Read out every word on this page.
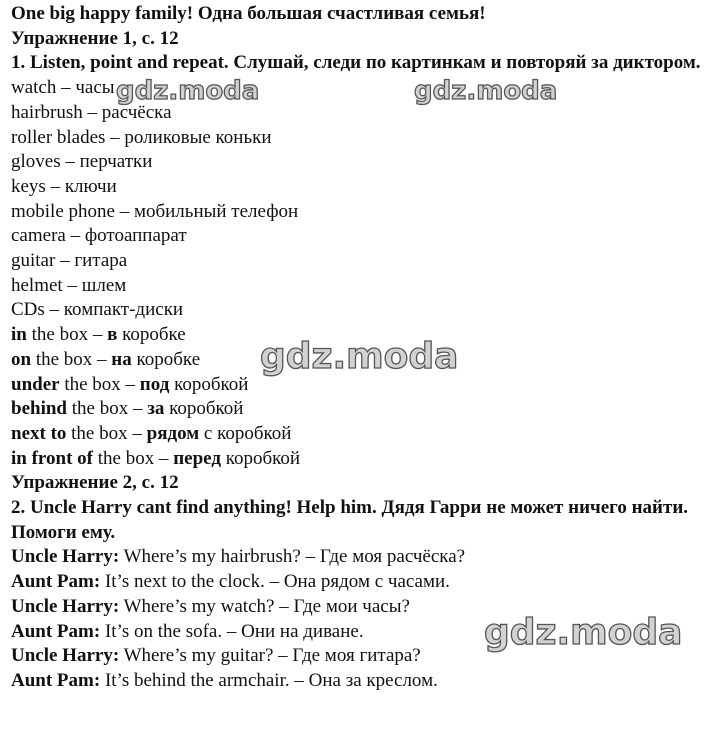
One big happy family! Одна большая счастливая семья!
Упражнение 1, с. 12
1. Listen, point and repeat. Слушай, следи по картинкам и повторяй за диктором.
watch – часы
hairbrush – расчёска
roller blades – роликовые коньки
gloves – перчатки
keys – ключи
mobile phone – мобильный телефон
camera – фотоаппарат
guitar – гитара
helmet – шлем
CDs – компакт-диски
in the box – в коробке
on the box – на коробке
under the box – под коробкой
behind the box – за коробкой
next to the box – рядом с коробкой
in front of the box – перед коробкой
Упражнение 2, с. 12
2. Uncle Harry cant find anything! Help him. Дядя Гарри не может ничего найти. Помоги ему.
Uncle Harry: Where’s my hairbrush? – Где моя расчёска?
Aunt Pam: It’s next to the clock. – Она рядом с часами.
Uncle Harry: Where’s my watch? – Где мои часы?
Aunt Pam: It’s on the sofa. – Они на диване.
Uncle Harry: Where’s my guitar? – Где моя гитара?
Aunt Pam: It’s behind the armchair. – Она за креслом.
gdz.moda	gdz.moda
gdz.moda
gdz.moda
